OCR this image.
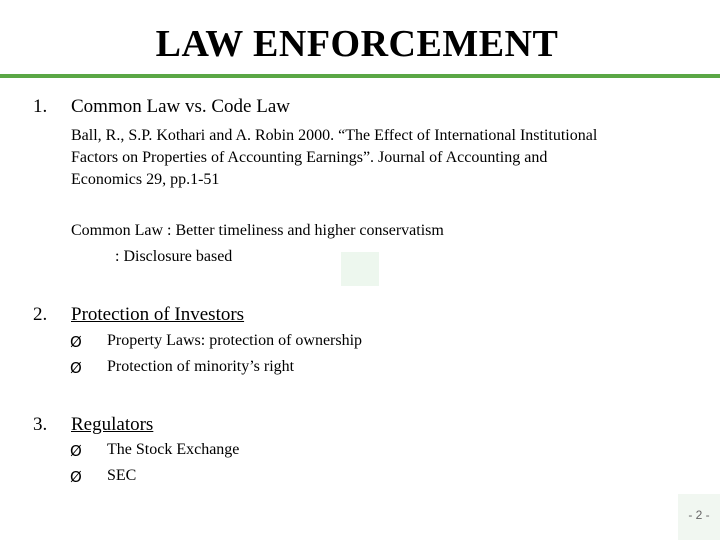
LAW ENFORCEMENT
1. Common Law vs. Code Law
Ball, R., S.P. Kothari and A. Robin 2000. “The Effect of International Institutional Factors on Properties of Accounting Earnings”. Journal of Accounting and Economics 29, pp.1-51
Common Law : Better timeliness and higher conservatism
: Disclosure based
2. Protection of Investors
Ø Property Laws: protection of ownership
Ø Protection of minority’s right
3. Regulators
Ø The Stock Exchange
Ø SEC
- 2 -
